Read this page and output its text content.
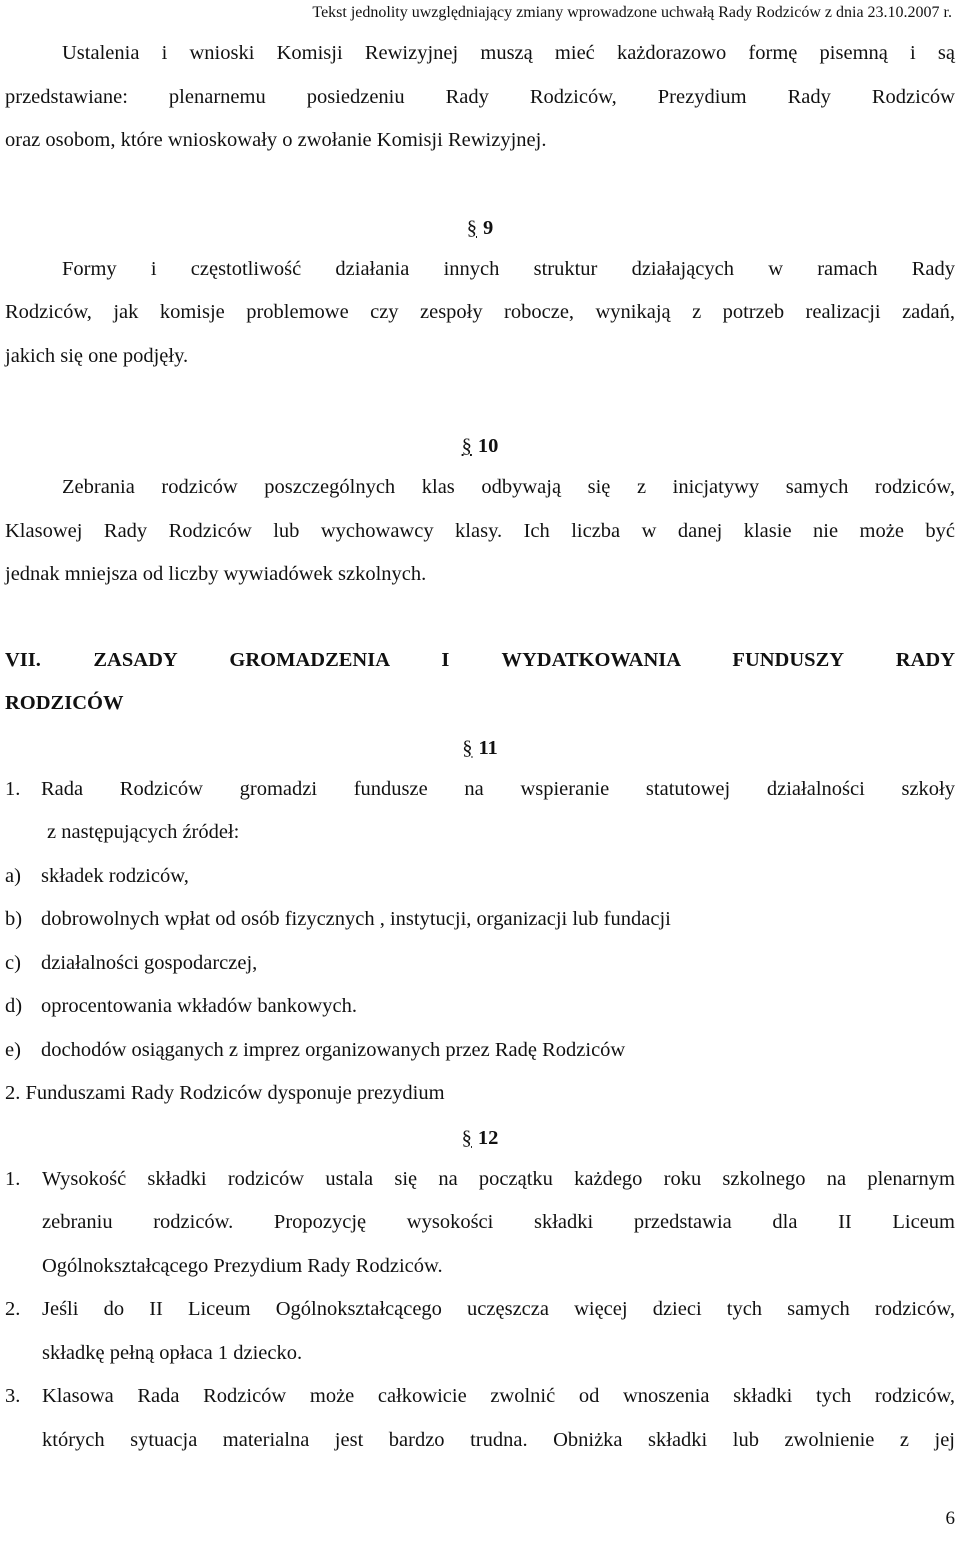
Tekst jednolity uwzględniający zmiany wprowadzone uchwałą Rady Rodziców z dnia 23.10.2007 r.

Ustalenia i wnioski Komisji Rewizyjnej muszą mieć każdorazowo formę pisemną i są

przedstawiane: plenarnemu posiedzeniu Rady Rodziców, Prezydium Rady Rodziców

oraz osobom, które wnioskowały o zwołanie Komisji Rewizyjnej.

§ 9

Formy i częstotliwość działania innych struktur działających w ramach Rady

Rodziców, jak komisje problemowe czy zespoły robocze, wynikają z potrzeb realizacji zadań,

jakich się one podjęły.

§ 10

Zebrania rodziców poszczególnych klas odbywają się z inicjatywy samych rodziców,

Klasowej Rady Rodziców lub wychowawcy klasy. Ich liczba w danej klasie nie może być

jednak mniejsza od liczby wywiadówek szkolnych.

VII. ZASADY GROMADZENIA I WYDATKOWANIA FUNDUSZY RADY

RODZICÓW

§ 11
1.	Rada Rodziców gromadzi fundusze na wspieranie statutowej działalności szkoły
z następujących źródeł:
a) składek rodziców,
b) dobrowolnych wpłat od osób fizycznych , instytucji, organizacji lub fundacji
c) działalności gospodarczej,
d) oprocentowania wkładów bankowych.
e) dochodów osiąganych z imprez organizowanych przez Radę Rodziców

2. Funduszami Rady Rodziców dysponuje prezydium

§ 12
1.	Wysokość składki rodziców ustala się na początku każdego roku szkolnego na plenarnym
zebraniu rodziców. Propozycję wysokości składki przedstawia dla II Liceum
Ogólnokształcącego Prezydium Rady Rodziców.
2.	Jeśli do II Liceum Ogólnokształcącego uczęszcza więcej dzieci tych samych rodziców,
składkę pełną opłaca 1 dziecko.
3.	Klasowa Rada Rodziców może całkowicie zwolnić od wnoszenia składki tych rodziców,
których sytuacja materialna jest bardzo trudna. Obniżka składki lub zwolnienie z jej
6
